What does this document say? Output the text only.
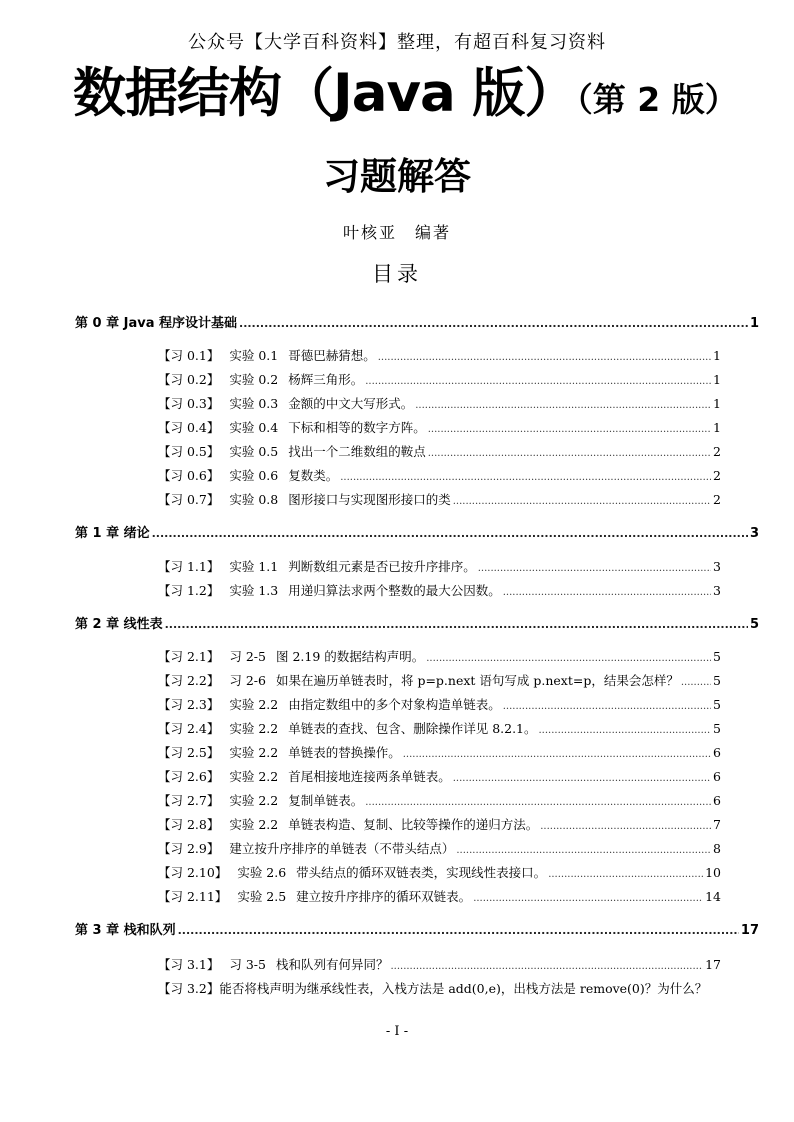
公众号【大学百科资料】整理，有超百科复习资料
数据结构（Java 版）（第 2 版）
习题解答
叶核亚 编著
目录
第 0 章 Java 程序设计基础 .....	1
【习 0.1】 实验 0.1 哥德巴赫猜想。 .....	1
【习 0.2】 实验 0.2 杨辉三角形。 .....	1
【习 0.3】 实验 0.3 金额的中文大写形式。 .....	1
【习 0.4】 实验 0.4 下标和相等的数字方阵。 .....	1
【习 0.5】 实验 0.5 找出一个二维数组的鞍点 .....	2
【习 0.6】 实验 0.6 复数类。 .....	2
【习 0.7】 实验 0.8 图形接口与实现图形接口的类 .....	2
第 1 章 绪论 .....	3
【习 1.1】 实验 1.1 判断数组元素是否已按升序排序。 .....	3
【习 1.2】 实验 1.3 用递归算法求两个整数的最大公因数。 .....	3
第 2 章 线性表 .....	5
【习 2.1】 习 2-5 图 2.19 的数据结构声明。 .....	5
【习 2.2】 习 2-6 如果在遍历单链表时，将 p=p.next 语句写成 p.next=p，结果会怎样？ .....	5
【习 2.3】 实验 2.2 由指定数组中的多个对象构造单链表。 .....	5
【习 2.4】 实验 2.2 单链表的查找、包含、删除操作详见 8.2.1。 .....	5
【习 2.5】 实验 2.2 单链表的替换操作。 .....	6
【习 2.6】 实验 2.2 首尾相接地连接两条单链表。 .....	6
【习 2.7】 实验 2.2 复制单链表。 .....	6
【习 2.8】 实验 2.2 单链表构造、复制、比较等操作的递归方法。 .....	7
【习 2.9】 建立按升序排序的单链表（不带头结点） .....	8
【习 2.10】 实验 2.6 带头结点的循环双链表类，实现线性表接口。 .....	10
【习 2.11】 实验 2.5 建立按升序排序的循环双链表。 .....	14
第 3 章 栈和队列 .....	17
【习 3.1】 习 3-5 栈和队列有何异同？ .....	17
【习 3.2】 能否将栈声明为继承线性表，入栈方法是 add(0,e)，出栈方法是 remove(0)？为什么？
- I -
